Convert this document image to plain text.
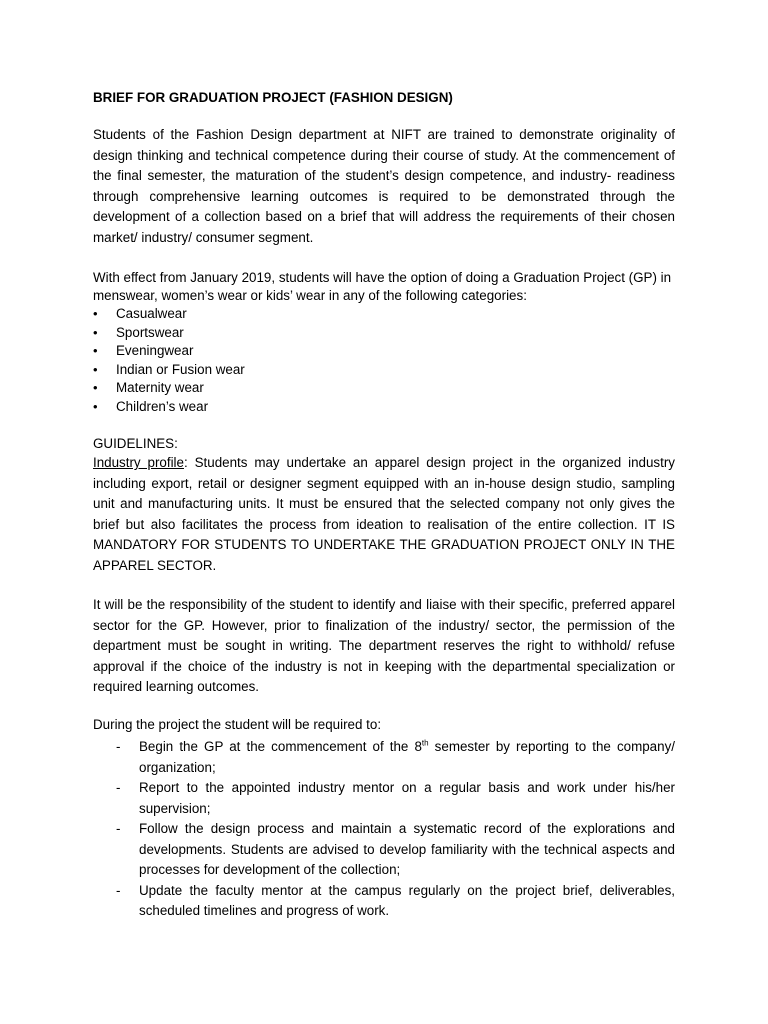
BRIEF FOR GRADUATION PROJECT (FASHION DESIGN)

Students of the Fashion Design department at NIFT are trained to demonstrate originality of design thinking and technical competence during their course of study. At the commencement of the final semester, the maturation of the student’s design competence, and industry- readiness through comprehensive learning outcomes is required to be demonstrated through the development of a collection based on a brief that will address the requirements of their chosen market/ industry/ consumer segment.

With effect from January 2019, students will have the option of doing a Graduation Project (GP) in menswear, women’s wear or kids’ wear in any of the following categories:

• Casualwear
• Sportswear
• Eveningwear
• Indian or Fusion wear
• Maternity wear
• Children’s wear

GUIDELINES:

Industry profile: Students may undertake an apparel design project in the organized industry including export, retail or designer segment equipped with an in-house design studio, sampling unit and manufacturing units. It must be ensured that the selected company not only gives the brief but also facilitates the process from ideation to realisation of the entire collection. IT IS MANDATORY FOR STUDENTS TO UNDERTAKE THE GRADUATION PROJECT ONLY IN THE APPAREL SECTOR.

It will be the responsibility of the student to identify and liaise with their specific, preferred apparel sector for the GP. However, prior to finalization of the industry/ sector, the permission of the department must be sought in writing. The department reserves the right to withhold/ refuse approval if the choice of the industry is not in keeping with the departmental specialization or required learning outcomes.

During the project the student will be required to:

- Begin the GP at the commencement of the 8th semester by reporting to the company/ organization;
- Report to the appointed industry mentor on a regular basis and work under his/her supervision;
- Follow the design process and maintain a systematic record of the explorations and developments. Students are advised to develop familiarity with the technical aspects and processes for development of the collection;
- Update the faculty mentor at the campus regularly on the project brief, deliverables, scheduled timelines and progress of work.
